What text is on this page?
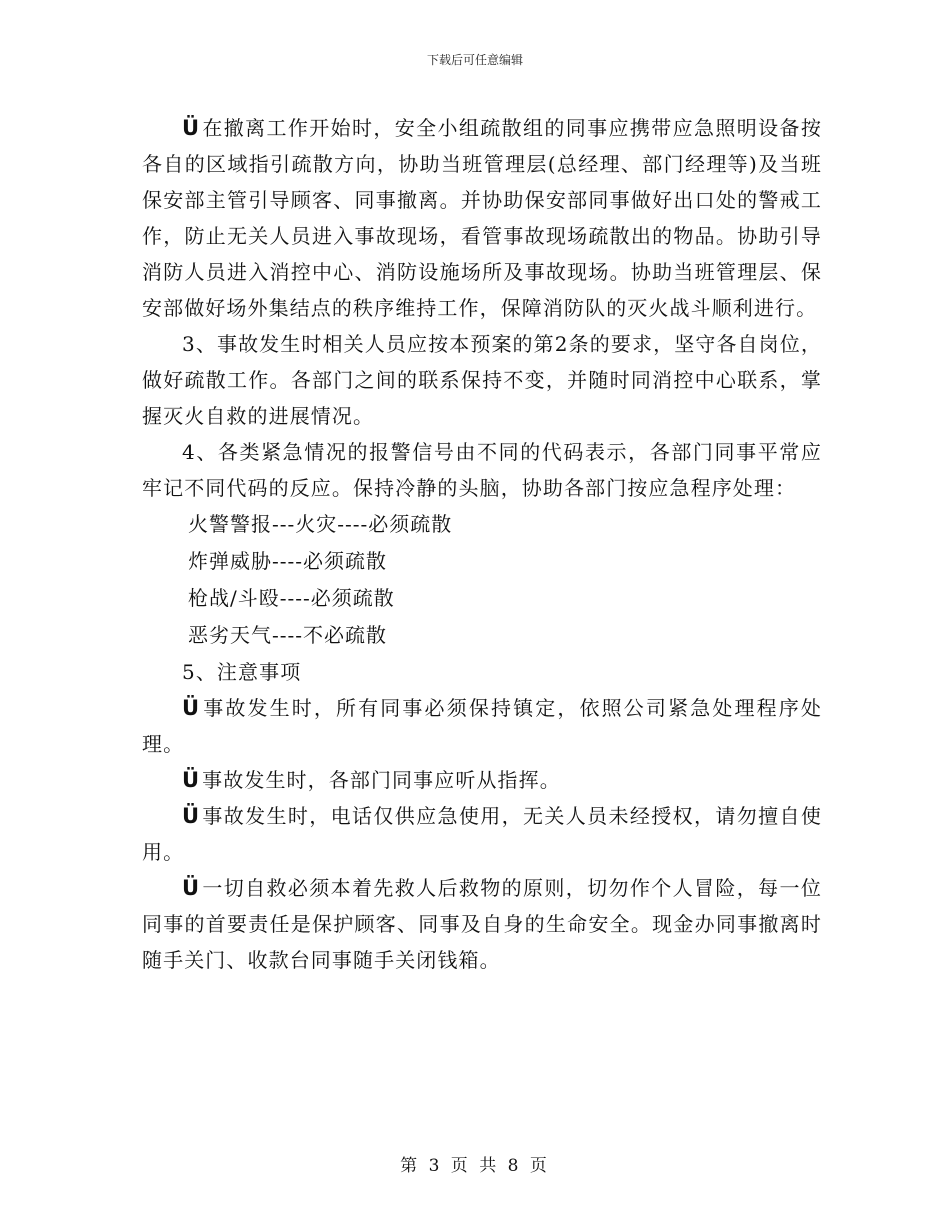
下载后可任意编辑

Ü 在撤离工作开始时，安全小组疏散组的同事应携带应急照明设备按各自的区域指引疏散方向，协助当班管理层(总经理、部门经理等)及当班保安部主管引导顾客、同事撤离。并协助保安部同事做好出口处的警戒工作，防止无关人员进入事故现场，看管事故现场疏散出的物品。协助引导消防人员进入消控中心、消防设施场所及事故现场。协助当班管理层、保安部做好场外集结点的秩序维持工作，保障消防队的灭火战斗顺利进行。

3、事故发生时相关人员应按本预案的第2条的要求，坚守各自岗位，做好疏散工作。各部门之间的联系保持不变，并随时同消控中心联系，掌握灭火自救的进展情况。

4、各类紧急情况的报警信号由不同的代码表示，各部门同事平常应牢记不同代码的反应。保持冷静的头脑，协助各部门按应急程序处理：

火警警报---火灾----必须疏散

炸弹威胁----必须疏散

枪战/斗殴----必须疏散

恶劣天气----不必疏散

5、注意事项

Ü 事故发生时，所有同事必须保持镇定，依照公司紧急处理程序处理。

Ü 事故发生时，各部门同事应听从指挥。

Ü 事故发生时，电话仅供应急使用，无关人员未经授权，请勿擅自使用。

Ü 一切自救必须本着先救人后救物的原则，切勿作个人冒险，每一位同事的首要责任是保护顾客、同事及自身的生命安全。现金办同事撤离时随手关门、收款台同事随手关闭钱箱。

第 3 页 共 8 页
